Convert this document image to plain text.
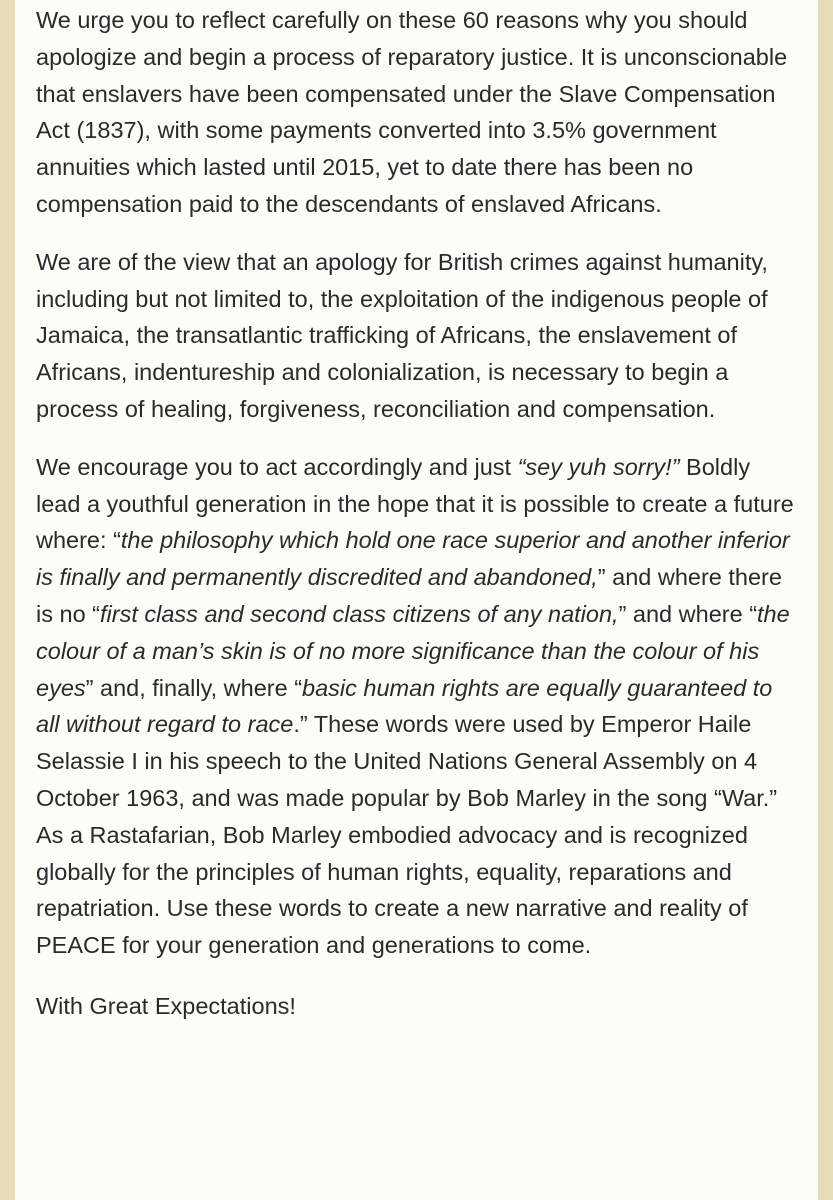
We urge you to reflect carefully on these 60 reasons why you should apologize and begin a process of reparatory justice. It is unconscionable that enslavers have been compensated under the Slave Compensation Act (1837), with some payments converted into 3.5% government annuities which lasted until 2015, yet to date there has been no compensation paid to the descendants of enslaved Africans.

We are of the view that an apology for British crimes against humanity, including but not limited to, the exploitation of the indigenous people of Jamaica, the transatlantic trafficking of Africans, the enslavement of Africans, indentureship and colonialization, is necessary to begin a process of healing, forgiveness, reconciliation and compensation.

We encourage you to act accordingly and just “sey yuh sorry!” Boldly lead a youthful generation in the hope that it is possible to create a future where: “the philosophy which hold one race superior and another inferior is finally and permanently discredited and abandoned,” and where there is no “first class and second class citizens of any nation,” and where “the colour of a man’s skin is of no more significance than the colour of his eyes” and, finally, where “basic human rights are equally guaranteed to all without regard to race.” These words were used by Emperor Haile Selassie I in his speech to the United Nations General Assembly on 4 October 1963, and was made popular by Bob Marley in the song “War.” As a Rastafarian, Bob Marley embodied advocacy and is recognized globally for the principles of human rights, equality, reparations and repatriation. Use these words to create a new narrative and reality of PEACE for your generation and generations to come.

With Great Expectations!
